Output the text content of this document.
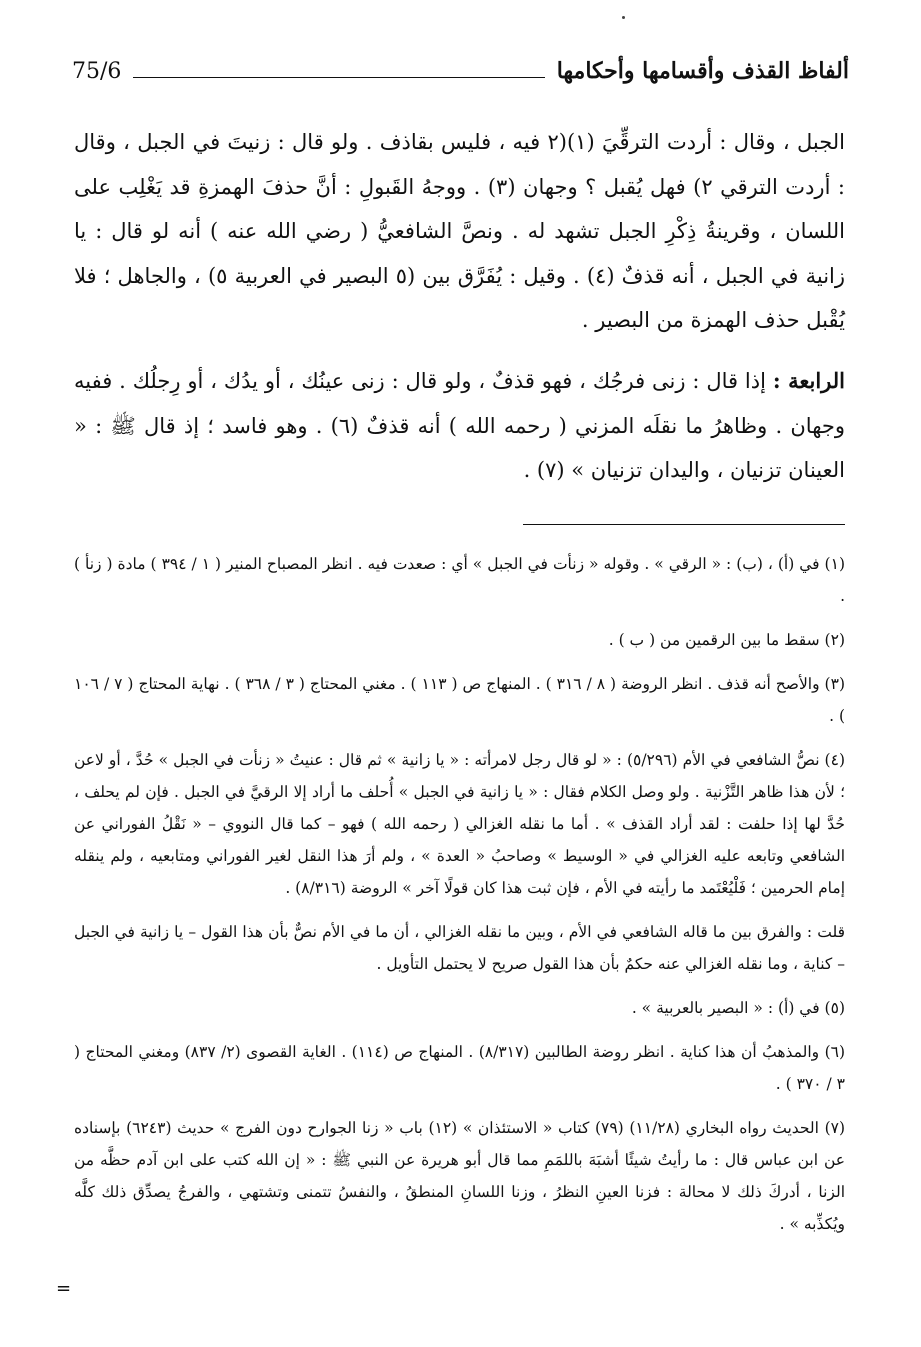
ألفاظ القذف وأقسامها وأحكامها
75/6

الجبل ، وقال : أردت الترقِّيَ (١)(٢ فيه ، فليس بقاذف . ولو قال : زنيتَ في الجبل ، وقال : أردت الترقي ٢) فهل يُقبل ؟ وجهان (٣) . ووجهُ القَبولِ : أنَّ حذفَ الهمزةِ قد يَغْلِب على اللسان ، وقرينةُ ذِكْرِ الجبل تشهد له . ونصَّ الشافعيُّ ( رضي الله عنه ) أنه لو قال : يا زانية في الجبل ، أنه قذفٌ (٤) . وقيل : يُفَرَّق بين (٥ البصير في العربية ٥) ، والجاهل ؛ فلا يُقْبل حذف الهمزة من البصير .

الرابعة : إذا قال : زنى فرجُك ، فهو قذفٌ ، ولو قال : زنى عينُك ، أو يدُك ، أو رِجلُك . ففيه وجهان . وظاهرُ ما نقلَه المزني ( رحمه الله ) أنه قذفٌ (٦) . وهو فاسد ؛ إذ قال ﷺ : « العينان تزنيان ، واليدان تزنيان » (٧) .

(١) في (أ) ، (ب) : « الرقي » . وقوله « زنأت في الجبل » أي : صعدت فيه . انظر المصباح المنير ( ١ / ٣٩٤ ) مادة ( زنأ ) .

(٢) سقط ما بين الرقمين من ( ب ) .

(٣) والأصح أنه قذف . انظر الروضة ( ٨ / ٣١٦ ) . المنهاج ص ( ١١٣ ) . مغني المحتاج ( ٣ / ٣٦٨ ) . نهاية المحتاج ( ٧ / ١٠٦ ) .

(٤) نصُّ الشافعي في الأم (٥/٢٩٦) : « لو قال رجل لامرأته : « يا زانية » ثم قال : عنيتُ « زنأت في الجبل » حُدَّ ، أو لاعن ؛ لأن هذا ظاهر التَّزْنية . ولو وصل الكلام فقال : « يا زانية في الجبل » أُحلف ما أراد إلا الرقيَّ في الجبل . فإن لم يحلف ، حُدَّ لها إذا حلفت : لقد أراد القذف » . أما ما نقله الغزالي ( رحمه الله ) فهو – كما قال النووي – « نَقْلُ الفوراني عن الشافعي وتابعه عليه الغزالي في « الوسيط » وصاحبُ « العدة » ، ولم أرَ هذا النقل لغير الفوراني ومتابعيه ، ولم ينقله إمام الحرمين ؛ فَلْيُعْتَمد ما رأيته في الأم ، فإن ثبت هذا كان قولًا آخر » الروضة (٨/٣١٦) .

قلت : والفرق بين ما قاله الشافعي في الأم ، وبين ما نقله الغزالي ، أن ما في الأم نصٌّ بأن هذا القول – يا زانية في الجبل – كناية ، وما نقله الغزالي عنه حكمٌ بأن هذا القول صريح لا يحتمل التأويل .

(٥) في (أ) : « البصير بالعربية » .

(٦) والمذهبُ أن هذا كناية . انظر روضة الطالبين (٨/٣١٧) . المنهاج ص (١١٤) . الغاية القصوى (٢/ ٨٣٧) ومغني المحتاج ( ٣ / ٣٧٠ ) .

(٧) الحديث رواه البخاري (١١/٢٨) (٧٩) كتاب « الاستئذان » (١٢) باب « زنا الجوارح دون الفرج » حديث (٦٢٤٣) بإسناده عن ابن عباس قال : ما رأيتُ شيئًا أشبَهَ باللمَمِ مما قال أبو هريرة عن النبي ﷺ : « إن الله كتب على ابن آدم حظَّه من الزنا ، أدركَ ذلك لا محالة : فزنا العينِ النظرُ ، وزنا اللسانِ المنطقُ ، والنفسُ تتمنى وتشتهي ، والفرجُ يصدِّق ذلك كلَّه ويُكذِّبه » .

=
